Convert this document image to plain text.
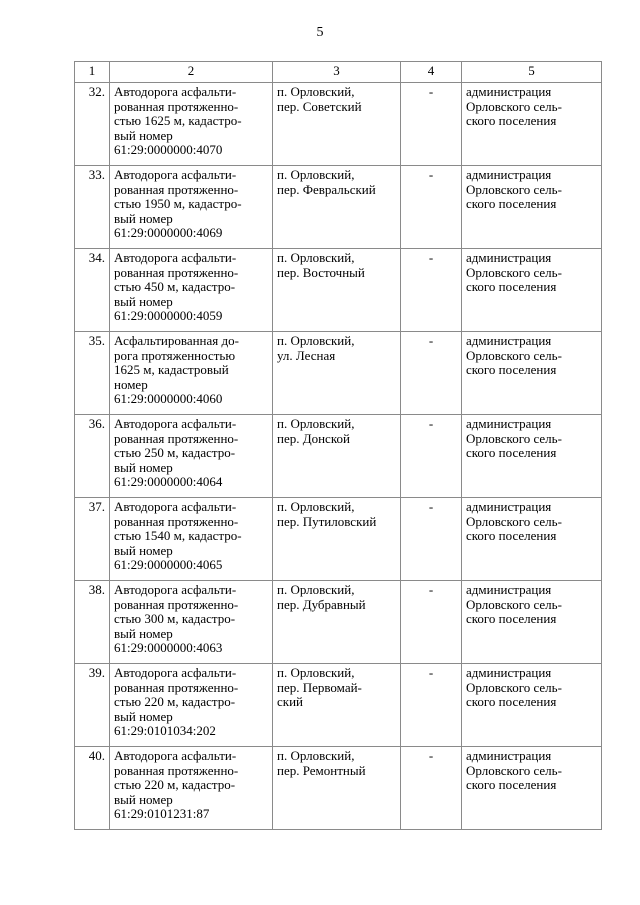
5
1	2	3	4	5
32.	Автодорога асфальти-
рованная протяженно-
стью 1625 м, кадастро-
вый номер
61:29:0000000:4070	п. Орловский,
пер. Советский	-	администрация
Орловского сель-
ского поселения
33.	Автодорога асфальти-
рованная протяженно-
стью 1950 м, кадастро-
вый номер
61:29:0000000:4069	п. Орловский,
пер. Февральский	-	администрация
Орловского сель-
ского поселения
34.	Автодорога асфальти-
рованная протяженно-
стью 450 м, кадастро-
вый номер
61:29:0000000:4059	п. Орловский,
пер. Восточный	-	администрация
Орловского сель-
ского поселения
35.	Асфальтированная до-
рога протяженностью
1625 м, кадастровый
номер
61:29:0000000:4060	п. Орловский,
ул. Лесная	-	администрация
Орловского сель-
ского поселения
36.	Автодорога асфальти-
рованная протяженно-
стью 250 м, кадастро-
вый номер
61:29:0000000:4064	п. Орловский,
пер. Донской	-	администрация
Орловского сель-
ского поселения
37.	Автодорога асфальти-
рованная протяженно-
стью 1540 м, кадастро-
вый номер
61:29:0000000:4065	п. Орловский,
пер. Путиловский	-	администрация
Орловского сель-
ского поселения
38.	Автодорога асфальти-
рованная протяженно-
стью 300 м, кадастро-
вый номер
61:29:0000000:4063	п. Орловский,
пер. Дубравный	-	администрация
Орловского сель-
ского поселения
39.	Автодорога асфальти-
рованная протяженно-
стью 220 м, кадастро-
вый номер
61:29:0101034:202	п. Орловский,
пер. Первомай-
ский	-	администрация
Орловского сель-
ского поселения
40.	Автодорога асфальти-
рованная протяженно-
стью 220 м, кадастро-
вый номер
61:29:0101231:87	п. Орловский,
пер. Ремонтный	-	администрация
Орловского сель-
ского поселения
